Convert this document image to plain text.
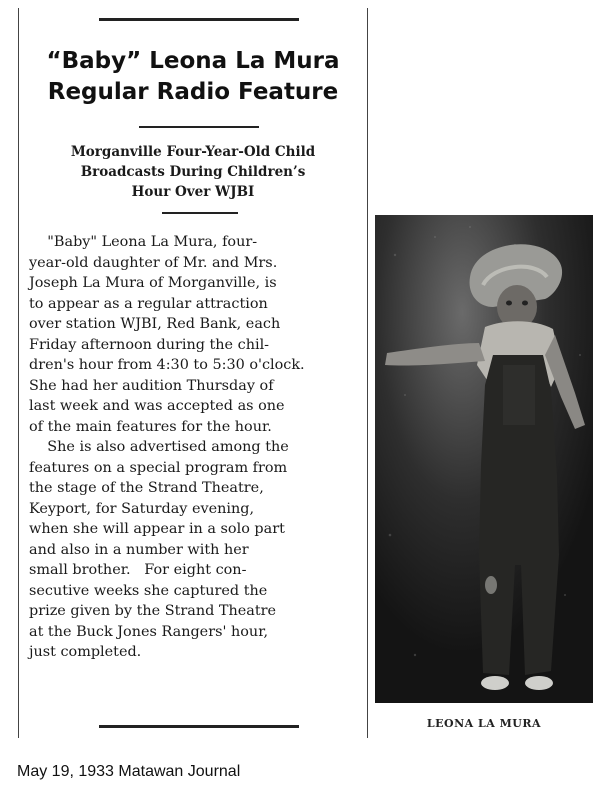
“Baby” Leona La Mura
Regular Radio Feature
Morganville Four-Year-Old Child
Broadcasts During Children’s
Hour Over WJBI
"Baby" Leona La Mura, four-
year-old daughter of Mr. and Mrs.
Joseph La Mura of Morganville, is
to appear as a regular attraction
over station WJBI, Red Bank, each
Friday afternoon during the chil-
dren's hour from 4:30 to 5:30 o'clock.
She had her audition Thursday of
last week and was accepted as one
of the main features for the hour.
She is also advertised among the
features on a special program from
the stage of the Strand Theatre,
Keyport, for Saturday evening,
when she will appear in a solo part
and also in a number with her
small brother.   For eight con-
secutive weeks she captured the
prize given by the Strand Theatre
at the Buck Jones Rangers' hour,
just completed.
LEONA LA MURA
May 19, 1933 Matawan Journal
